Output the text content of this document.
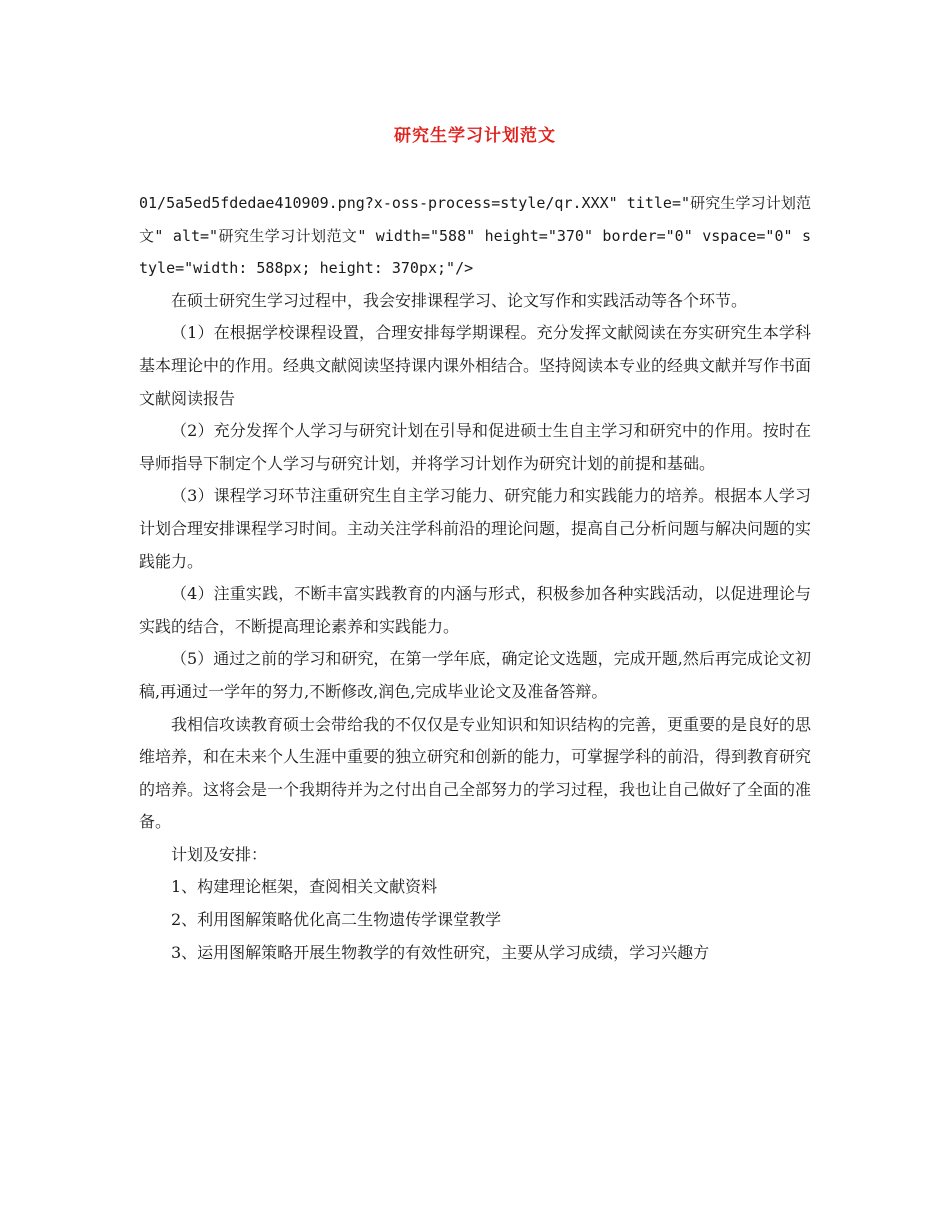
研究生学习计划范文

01/5a5ed5fdedae410909.png?x-oss-process=style/qr.XXX" title="研究生学习计划范文" alt="研究生学习计划范文" width="588" height="370" border="0" vspace="0" style="width: 588px; height: 370px;"/>

在硕士研究生学习过程中，我会安排课程学习、论文写作和实践活动等各个环节。

（1）在根据学校课程设置，合理安排每学期课程。充分发挥文献阅读在夯实研究生本学科基本理论中的作用。经典文献阅读坚持课内课外相结合。坚持阅读本专业的经典文献并写作书面文献阅读报告

（2）充分发挥个人学习与研究计划在引导和促进硕士生自主学习和研究中的作用。按时在导师指导下制定个人学习与研究计划，并将学习计划作为研究计划的前提和基础。

（3）课程学习环节注重研究生自主学习能力、研究能力和实践能力的培养。根据本人学习计划合理安排课程学习时间。主动关注学科前沿的理论问题，提高自己分析问题与解决问题的实践能力。

（4）注重实践，不断丰富实践教育的内涵与形式，积极参加各种实践活动，以促进理论与实践的结合，不断提高理论素养和实践能力。

（5）通过之前的学习和研究，在第一学年底，确定论文选题，完成开题,然后再完成论文初稿,再通过一学年的努力,不断修改,润色,完成毕业论文及准备答辩。

我相信攻读教育硕士会带给我的不仅仅是专业知识和知识结构的完善，更重要的是良好的思维培养，和在未来个人生涯中重要的独立研究和创新的能力，可掌握学科的前沿，得到教育研究的培养。这将会是一个我期待并为之付出自己全部努力的学习过程，我也让自己做好了全面的准备。

计划及安排：

1、构建理论框架，查阅相关文献资料

2、利用图解策略优化高二生物遗传学课堂教学

3、运用图解策略开展生物教学的有效性研究，主要从学习成绩，学习兴趣方
